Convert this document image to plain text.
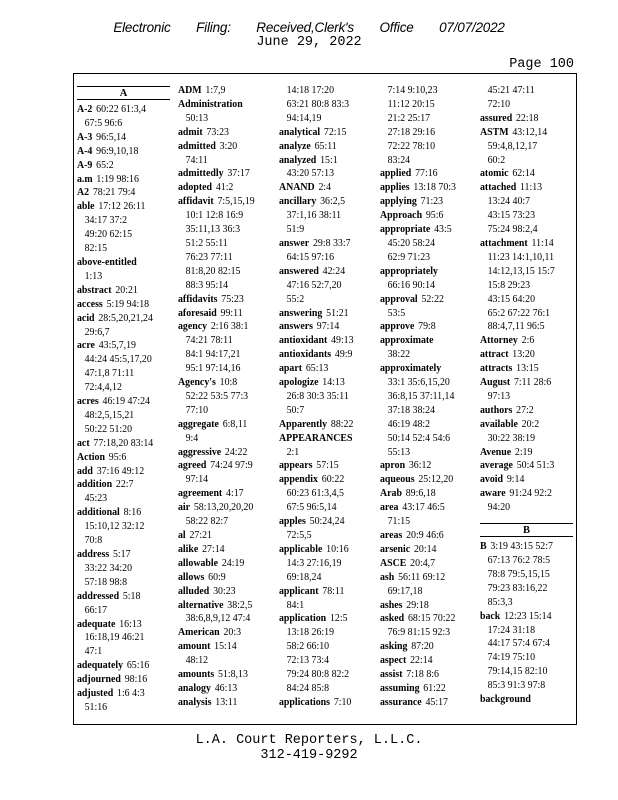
Electronic Filing: Received,Clerk's Office 07/07/2022
June 29, 2022
Page 100
A
A-2 60:22 61:3,4
67:5 96:6
A-3 96:5,14
A-4 96:9,10,18
A-9 65:2
a.m 1:19 98:16
A2 78:21 79:4
able 17:12 26:11
34:17 37:2
49:20 62:15
82:15
above-entitled
1:13
abstract 20:21
access 5:19 94:18
acid 28:5,20,21,24
29:6,7
acre 43:5,7,19
44:24 45:5,17,20
47:1,8 71:11
72:4,4,12
acres 46:19 47:24
48:2,5,15,21
50:22 51:20
act 77:18,20 83:14
Action 95:6
add 37:16 49:12
addition 22:7
45:23
additional 8:16
15:10,12 32:12
70:8
address 5:17
33:22 34:20
57:18 98:8
addressed 5:18
66:17
adequate 16:13
16:18,19 46:21
47:1
adequately 65:16
adjourned 98:16
adjusted 1:6 4:3
51:16
ADM 1:7,9
Administration
50:13
admit 73:23
admitted 3:20
74:11
admittedly 37:17
adopted 41:2
affidavit 7:5,15,19
10:1 12:8 16:9
35:11,13 36:3
51:2 55:11
76:23 77:11
81:8,20 82:15
88:3 95:14
affidavits 75:23
aforesaid 99:11
agency 2:16 38:1
74:21 78:11
84:1 94:17,21
95:1 97:14,16
Agency's 10:8
52:22 53:5 77:3
77:10
aggregate 6:8,11
9:4
aggressive 24:22
agreed 74:24 97:9
97:14
agreement 4:17
air 58:13,20,20,20
58:22 82:7
al 27:21
alike 27:14
allowable 24:19
allows 60:9
alluded 30:23
alternative 38:2,5
38:6,8,9,12 47:4
American 20:3
amount 15:14
48:12
amounts 51:8,13
analogy 46:13
analysis 13:11
14:18 17:20
63:21 80:8 83:3
94:14,19
analytical 72:15
analyze 65:11
analyzed 15:1
43:20 57:13
ANAND 2:4
ancillary 36:2,5
37:1,16 38:11
51:9
answer 29:8 33:7
64:15 97:16
answered 42:24
47:16 52:7,20
55:2
answering 51:21
answers 97:14
antioxidant 49:13
antioxidants 49:9
apart 65:13
apologize 14:13
26:8 30:3 35:11
50:7
Apparently 88:22
APPEARANCES
2:1
appears 57:15
appendix 60:22
60:23 61:3,4,5
67:5 96:5,14
apples 50:24,24
72:5,5
applicable 10:16
14:3 27:16,19
69:18,24
applicant 78:11
84:1
application 12:5
13:18 26:19
58:2 66:10
72:13 73:4
79:24 80:8 82:2
84:24 85:8
applications 7:10
7:14 9:10,23
11:12 20:15
21:2 25:17
27:18 29:16
72:22 78:10
83:24
applied 77:16
applies 13:18 70:3
applying 71:23
Approach 95:6
appropriate 43:5
45:20 58:24
62:9 71:23
appropriately
66:16 90:14
approval 52:22
53:5
approve 79:8
approximate
38:22
approximately
33:1 35:6,15,20
36:8,15 37:11,14
37:18 38:24
46:19 48:2
50:14 52:4 54:6
55:13
apron 36:12
aqueous 25:12,20
Arab 89:6,18
area 43:17 46:5
71:15
areas 20:9 46:6
arsenic 20:14
ASCE 20:4,7
ash 56:11 69:12
69:17,18
ashes 29:18
asked 68:15 70:22
76:9 81:15 92:3
asking 87:20
aspect 22:14
assist 7:18 8:6
assuming 61:22
assurance 45:17
45:21 47:11
72:10
assured 22:18
ASTM 43:12,14
59:4,8,12,17
60:2
atomic 62:14
attached 11:13
13:24 40:7
43:15 73:23
75:24 98:2,4
attachment 11:14
11:23 14:1,10,11
14:12,13,15 15:7
15:8 29:23
43:15 64:20
65:2 67:22 76:1
88:4,7,11 96:5
Attorney 2:6
attract 13:20
attracts 13:15
August 7:11 28:6
97:13
authors 27:2
available 20:2
30:22 38:19
Avenue 2:19
average 50:4 51:3
avoid 9:14
aware 91:24 92:2
94:20
B
B 3:19 43:15 52:7
67:13 76:2 78:5
78:8 79:5,15,15
79:23 83:16,22
85:3,3
back 12:23 15:14
17:24 31:18
44:17 57:4 67:4
74:19 75:10
79:14,15 82:10
85:3 91:3 97:8
background
L.A. Court Reporters, L.L.C.
312-419-9292
